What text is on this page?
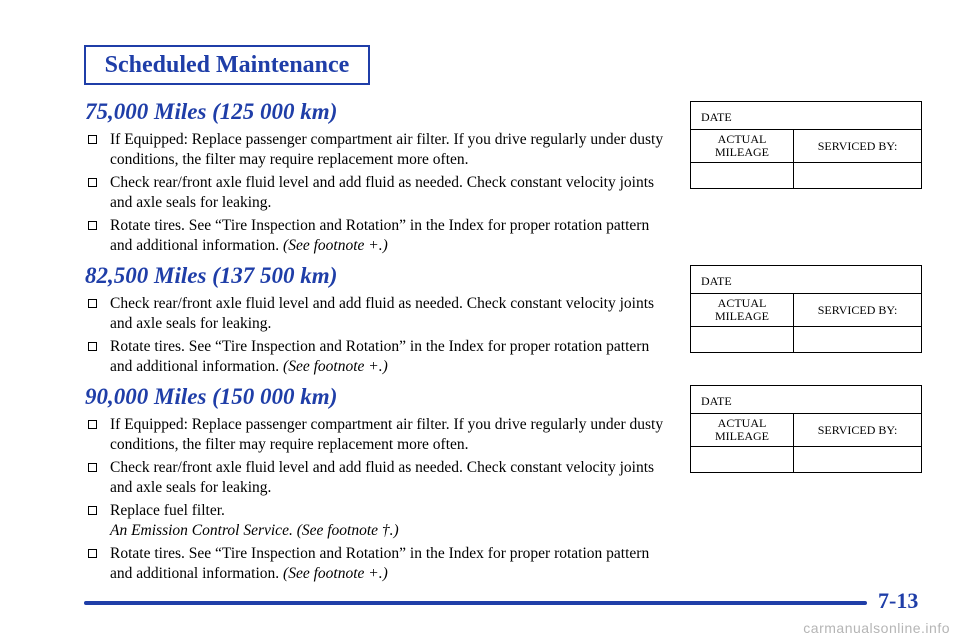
Scheduled Maintenance
75,000 Miles (125 000 km)
If Equipped: Replace passenger compartment air filter. If you drive regularly under dusty conditions, the filter may require replacement more often.
Check rear/front axle fluid level and add fluid as needed. Check constant velocity joints and axle seals for leaking.
Rotate tires. See “Tire Inspection and Rotation” in the Index for proper rotation pattern and additional information. (See footnote +.)
82,500 Miles (137 500 km)
Check rear/front axle fluid level and add fluid as needed. Check constant velocity joints and axle seals for leaking.
Rotate tires. See “Tire Inspection and Rotation” in the Index for proper rotation pattern and additional information. (See footnote +.)
90,000 Miles (150 000 km)
If Equipped: Replace passenger compartment air filter. If you drive regularly under dusty conditions, the filter may require replacement more often.
Check rear/front axle fluid level and add fluid as needed. Check constant velocity joints and axle seals for leaking.
Replace fuel filter.
An Emission Control Service. (See footnote †.)
Rotate tires. See “Tire Inspection and Rotation” in the Index for proper rotation pattern and additional information. (See footnote +.)
DATE
ACTUAL MILEAGE	SERVICED BY:
DATE
ACTUAL MILEAGE	SERVICED BY:
DATE
ACTUAL MILEAGE	SERVICED BY:
7-13
carmanualsonline.info
